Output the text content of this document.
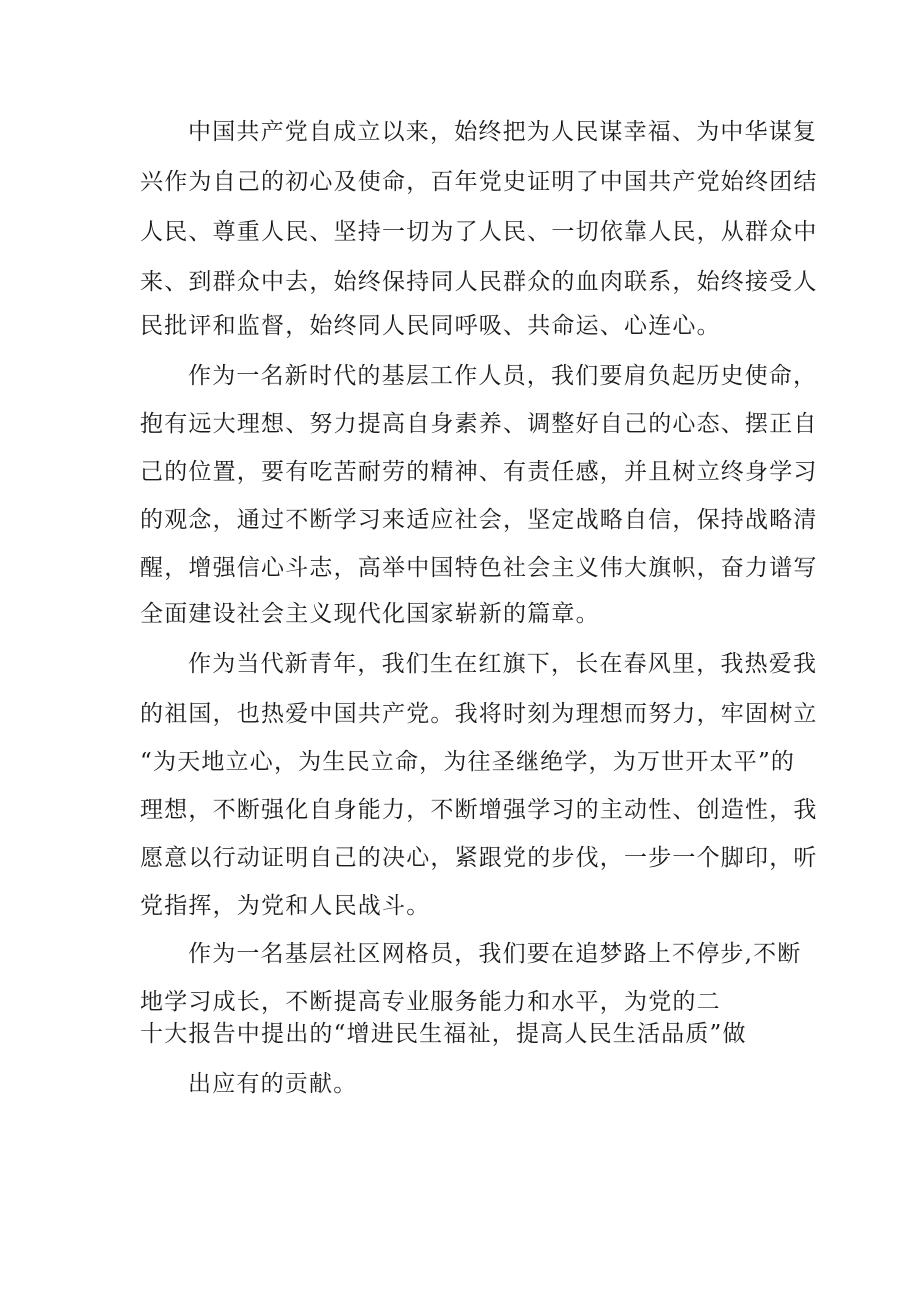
中国共产党自成立以来，始终把为人民谋幸福、为中华谋复
兴作为自己的初心及使命，百年党史证明了中国共产党始终团结
人民、尊重人民、坚持一切为了人民、一切依靠人民，从群众中
来、到群众中去，始终保持同人民群众的血肉联系，始终接受人
民批评和监督，始终同人民同呼吸、共命运、心连心。
作为一名新时代的基层工作人员，我们要肩负起历史使命，
抱有远大理想、努力提高自身素养、调整好自己的心态、摆正自
己的位置，要有吃苦耐劳的精神、有责任感，并且树立终身学习
的观念，通过不断学习来适应社会，坚定战略自信，保持战略清
醒，增强信心斗志，高举中国特色社会主义伟大旗帜，奋力谱写
全面建设社会主义现代化国家崭新的篇章。
作为当代新青年，我们生在红旗下，长在春风里，我热爱我
的祖国，也热爱中国共产党。我将时刻为理想而努力，牢固树立
“为天地立心，为生民立命，为往圣继绝学，为万世开太平”的
理想，不断强化自身能力，不断增强学习的主动性、创造性，我
愿意以行动证明自己的决心，紧跟党的步伐，一步一个脚印，听
党指挥，为党和人民战斗。
作为一名基层社区网格员，我们要在追梦路上不停步,不断
地学习成长，不断提高专业服务能力和水平，为党的二
十大报告中提出的“增进民生福祉，提高人民生活品质”做
出应有的贡献。
